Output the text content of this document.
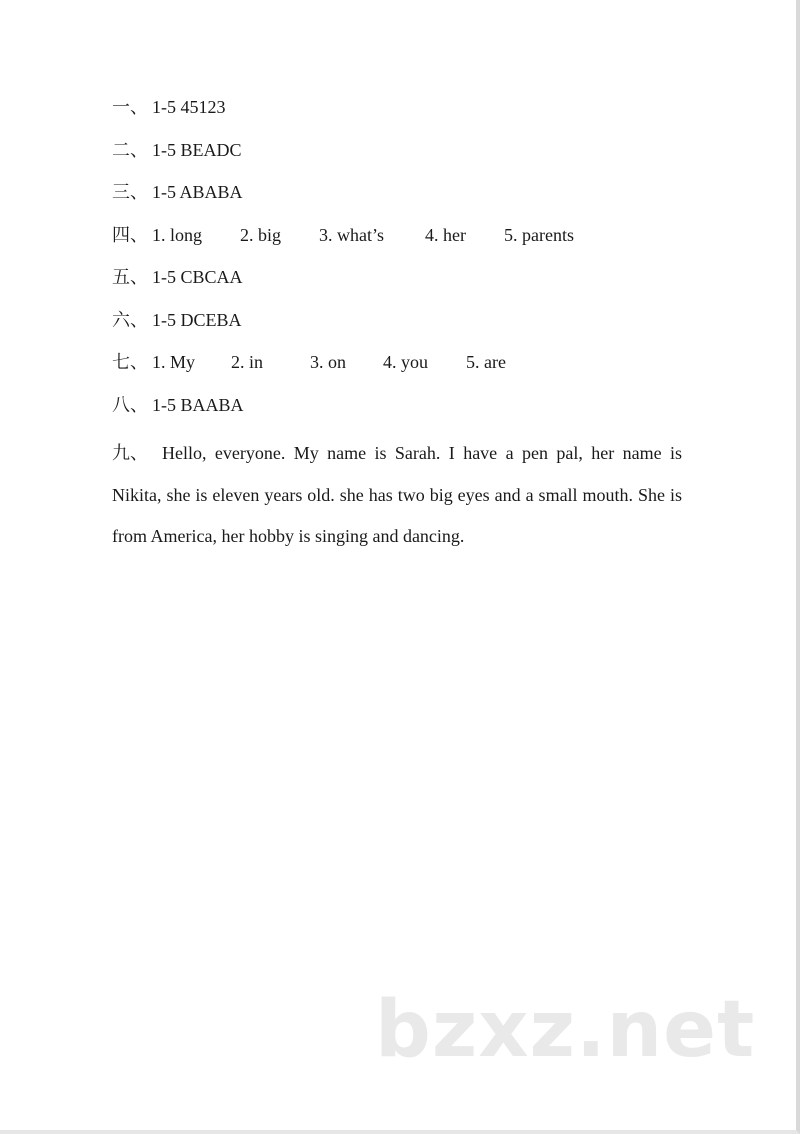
一、 1-5 45123
二、 1-5 BEADC
三、 1-5 ABABA
四、 1. long 2. big 3. what’s 4. her 5. parents
五、 1-5 CBCAA
六、 1-5 DCEBA
七、 1. My 2. in	3. on 4. you 5. are
八、 1-5 BAABA
九、 Hello, everyone. My name is Sarah. I have a pen pal, her name is Nikita, she is eleven years old. she has two big eyes and a small mouth. She is from America, her hobby is singing and dancing.
bzxz.net
